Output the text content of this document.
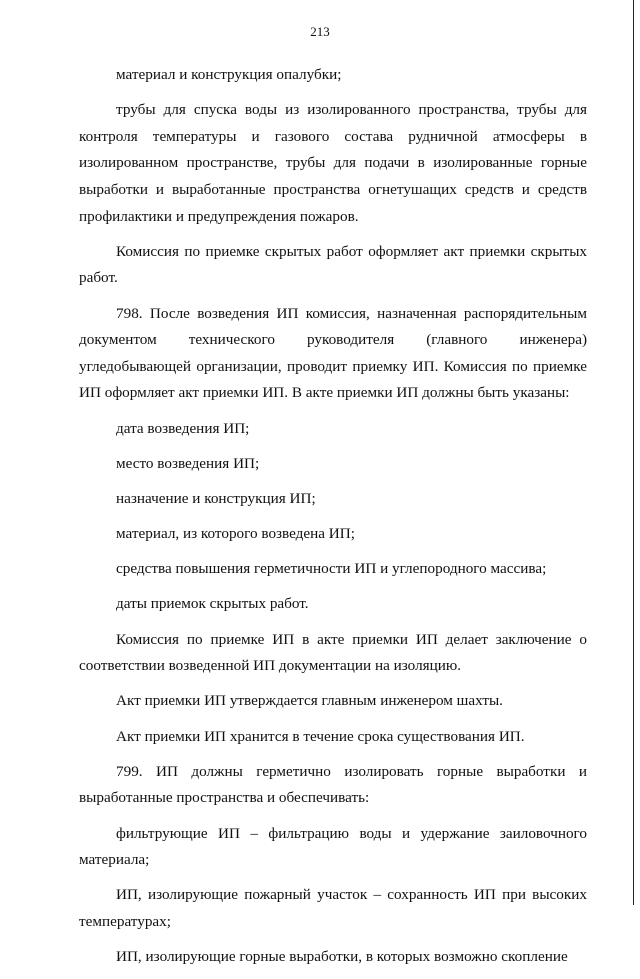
213

материал и конструкция опалубки;

трубы для спуска воды из изолированного пространства, трубы для контроля температуры и газового состава рудничной атмосферы в изолированном пространстве, трубы для подачи в изолированные горные выработки и выработанные пространства огнетушащих средств и средств профилактики и предупреждения пожаров.

Комиссия по приемке скрытых работ оформляет акт приемки скрытых работ.

798. После возведения ИП комиссия, назначенная распорядительным документом технического руководителя (главного инженера) угледобывающей организации, проводит приемку ИП. Комиссия по приемке ИП оформляет акт приемки ИП. В акте приемки ИП должны быть указаны:

дата возведения ИП;

место возведения ИП;

назначение и конструкция ИП;

материал, из которого возведена ИП;

средства повышения герметичности ИП и углепородного массива;

даты приемок скрытых работ.

Комиссия по приемке ИП в акте приемки ИП делает заключение о соответствии возведенной ИП документации на изоляцию.

Акт приемки ИП утверждается главным инженером шахты.

Акт приемки ИП хранится в течение срока существования ИП.

799. ИП должны герметично изолировать горные выработки и выработанные пространства и обеспечивать:

фильтрующие ИП – фильтрацию воды и удержание заиловочного материала;

ИП, изолирующие пожарный участок – сохранность ИП при высоких температурах;

ИП, изолирующие горные выработки, в которых возможно скопление
